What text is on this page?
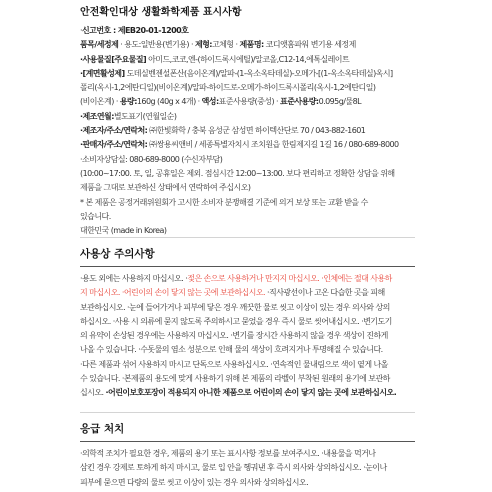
안전확인대상 생활화학제품 표시사항

·신고번호 : 제EB20-01-1200호

품목/세정제 · 용도:일반용(변기용) · 제형:고체형 · 제품명: 코디앳홈파워 변기용 세정제

·사용물질[주요물질] 아미드,코코,엔-(하이드록시에틸)/알코올,C12-14,에톡실레이트

·[계면활성제] 도데실벤젠설폰산(음이온계)/알파-(1-옥소옥타데실)-오메가-[(1-옥소옥타데실)옥시]

폴리(옥시-1,2에탄디일)(비이온계)/알파-하이드로-오메가-하이드록시폴리(옥시-1,2에탄디일)

(비이온계) · 용량:160g (40g x 4개) · 액성:표준사용량(중성) · 표준사용량:0.095g/물8L

·제조연월:별도표기(연월일순)

·제조자/주소/연락처: ㈜한빛화학 / 충북 음성군 삼성면 하이텍산단로 70 / 043-882-1601

·판매자/주소/연락처: ㈜쌍용씨앤비 / 세종특별자치시 조치원읍 한림제지길 1길 16 / 080-689-8000

·소비자상담실: 080-689-8000 (수신자부담)

(10:00~17:00. 토, 일, 공휴일은 제외. 점심시간 12:00~13:00. 보다 편리하고 정확한 상담을 위해

제품을 그대로 보관하신 상태에서 연락하여 주십시오)

* 본 제품은 공정거래위원회가 고시한 소비자 분쟁해결 기준에 의거 보상 또는 교환 받을 수

있습니다.

대한민국 (made in Korea)

사용상 주의사항

·용도 외에는 사용하지 마십시오. ·젖은 손으로 사용하거나 만지지 마십시오. ·인체에는 절대 사용하

지 마십시오. ·어린이의 손이 닿지 않는 곳에 보관하십시오. ·직사광선이나 고온 다습한 곳을 피해

보관하십시오. ·눈에 들어가거나 피부에 닿은 경우 깨끗한 물로 씻고 이상이 있는 경우 의사와 상의

하십시오. ·사용 시 의류에 묻지 않도록 주의하시고 묻었을 경우 즉시 물로 씻어내십시오. ·변기도기

의 유약이 손상된 경우에는 사용하지 마십시오. ·변기를 장시간 사용하지 않을 경우 색상이 진하게

나올 수 있습니다. ·수돗물의 염소 성분으로 인해 물의 색상이 흐려지거나 투명해질 수 있습니다.

·다른 제품과 섞어 사용하지 마시고 단독으로 사용하십시오. ·연속적인 물내림으로 색이 옅게 나올

수 있습니다. ·본제품의 용도에 맞게 사용하기 위해 본 제품의 라벨이 부착된 원래의 용기에 보관하

십시오. ·어린이보호포장이 적용되지 아니한 제품으로 어린이의 손이 닿지 않는 곳에 보관하십시오.

응급 처치

·의학적 조치가 필요한 경우, 제품의 용기 또는 표시사항 정보를 보여주시오. ·내용물을 먹거나

삼킨 경우 강제로 토하게 하지 마시고, 물로 입 안을 헹궈낸 후 즉시 의사와 상의하십시오. ·눈이나

피부에 묻으면 다량의 물로 씻고 이상이 있는 경우 의사와 상의하십시오.
